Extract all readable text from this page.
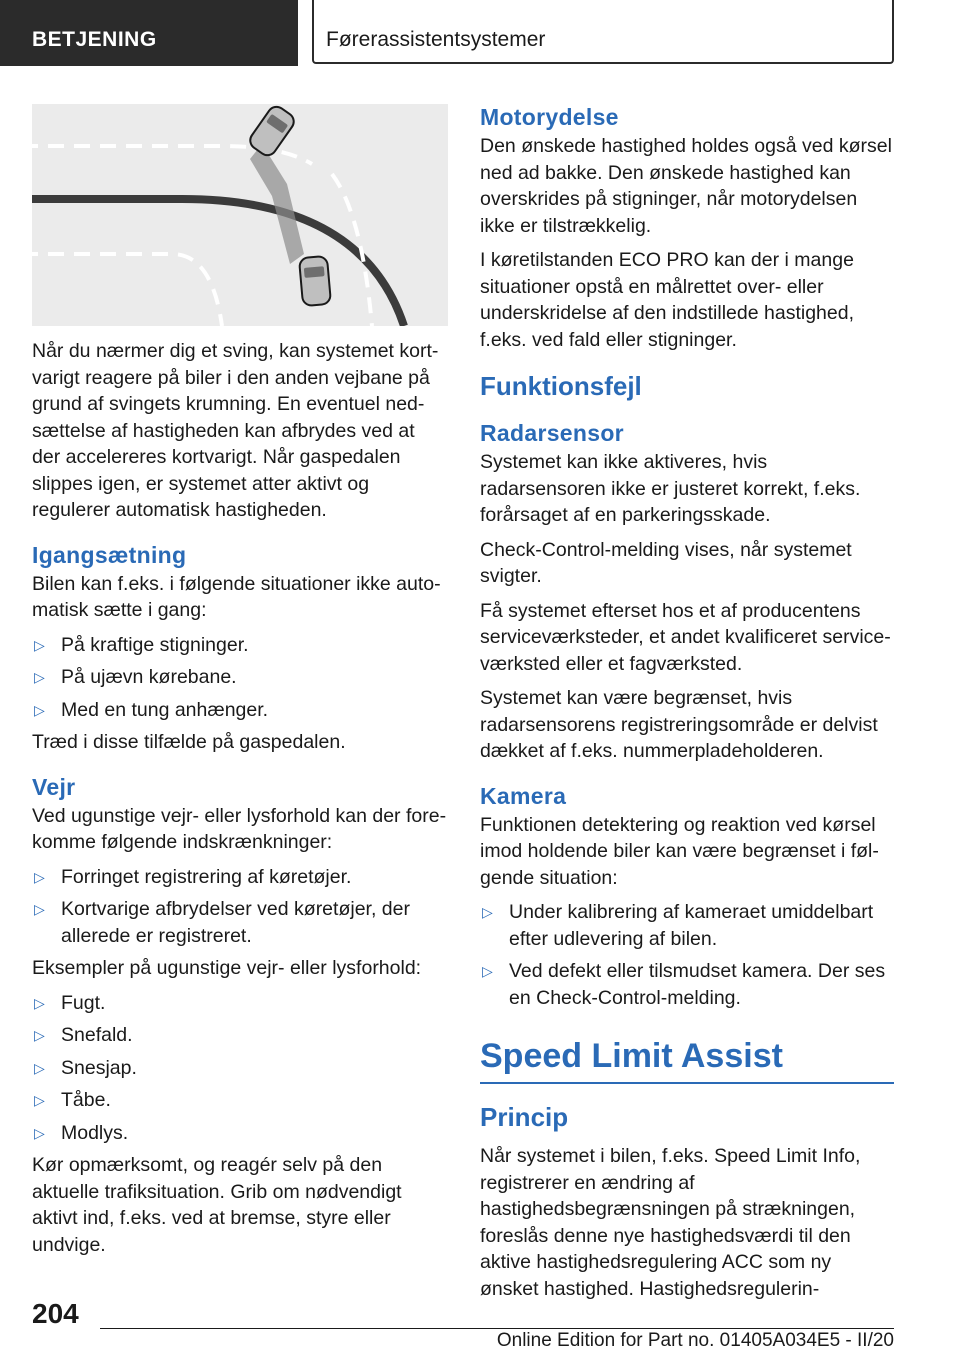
BETJENING	Førerassistentsystemer

Når du nærmer dig et sving, kan systemet kortvarigt reagere på biler i den anden vejbane på grund af svingets krumning. En eventuel nedsættelse af hastigheden kan afbrydes ved at der accelereres kortvarigt. Når gaspedalen slippes igen, er systemet atter aktivt og regulerer automatisk hastigheden.

Igangsætning

Bilen kan f.eks. i følgende situationer ikke automatisk sætte i gang:

▷ På kraftige stigninger.
▷ På ujævn kørebane.
▷ Med en tung anhænger.

Træd i disse tilfælde på gaspedalen.

Vejr

Ved ugunstige vejr- eller lysforhold kan der forekomme følgende indskrænkninger:

▷ Forringet registrering af køretøjer.
▷ Kortvarige afbrydelser ved køretøjer, der allerede er registreret.

Eksempler på ugunstige vejr- eller lysforhold:

▷ Fugt.
▷ Snefald.
▷ Snesjap.
▷ Tåbe.
▷ Modlys.

Kør opmærksomt, og reagér selv på den aktuelle trafiksituation. Grib om nødvendigt aktivt ind, f.eks. ved at bremse, styre eller undvige.

Motorydelse

Den ønskede hastighed holdes også ved kørsel ned ad bakke. Den ønskede hastighed kan overskrides på stigninger, når motorydelsen ikke er tilstrækkelig.

I køretilstanden ECO PRO kan der i mange situationer opstå en målrettet over- eller underskridelse af den indstillede hastighed, f.eks. ved fald eller stigninger.

Funktionsfejl
Radarsensor

Systemet kan ikke aktiveres, hvis radarsensoren ikke er justeret korrekt, f.eks. forårsaget af en parkeringsskade.

Check-Control-melding vises, når systemet svigter.

Få systemet efterset hos et af producentens serviceværksteder, et andet kvalificeret serviceværksted eller et fagværksted.

Systemet kan være begrænset, hvis radarsensorens registreringsområde er delvist dækket af f.eks. nummerpladeholderen.

Kamera

Funktionen detektering og reaktion ved kørsel imod holdende biler kan være begrænset i følgende situation:

▷ Under kalibrering af kameraet umiddelbart efter udlevering af bilen.
▷ Ved defekt eller tilsmudset kamera. Der ses en Check-Control-melding.
Speed Limit Assist
Princip

Når systemet i bilen, f.eks. Speed Limit Info, registrerer en ændring af hastighedsbegrænsningen på strækningen, foreslås denne nye hastighedsværdi til den aktive hastighedsregulering ACC som ny ønsket hastighed. Hastighedsregulerin-

204
Online Edition for Part no. 01405A034E5 - II/20
